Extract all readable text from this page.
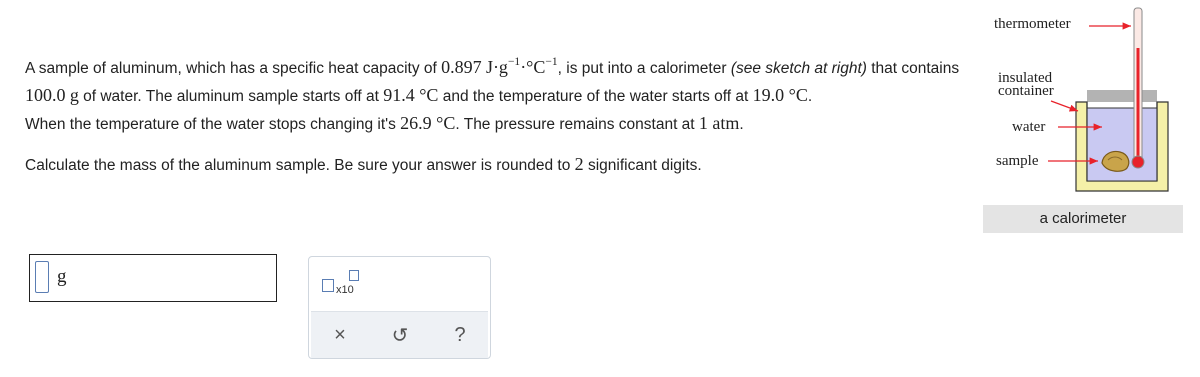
A sample of aluminum, which has a specific heat capacity of 0.897 $J\cdot g^{-1}\cdot^\circ C^{-1}$, is put into a calorimeter (see sketch at right) that contains 100.0 g of water. The aluminum sample starts off at 91.4 °C and the temperature of the water starts off at 19.0 °C.
When the temperature of the water stops changing it's 26.9 °C. The pressure remains constant at 1 atm.

Calculate the mass of the aluminum sample. Be sure your answer is rounded to 2 significant digits.

g
x10
× ↺ ?
thermometer
insulated
container
water
sample
a calorimeter
